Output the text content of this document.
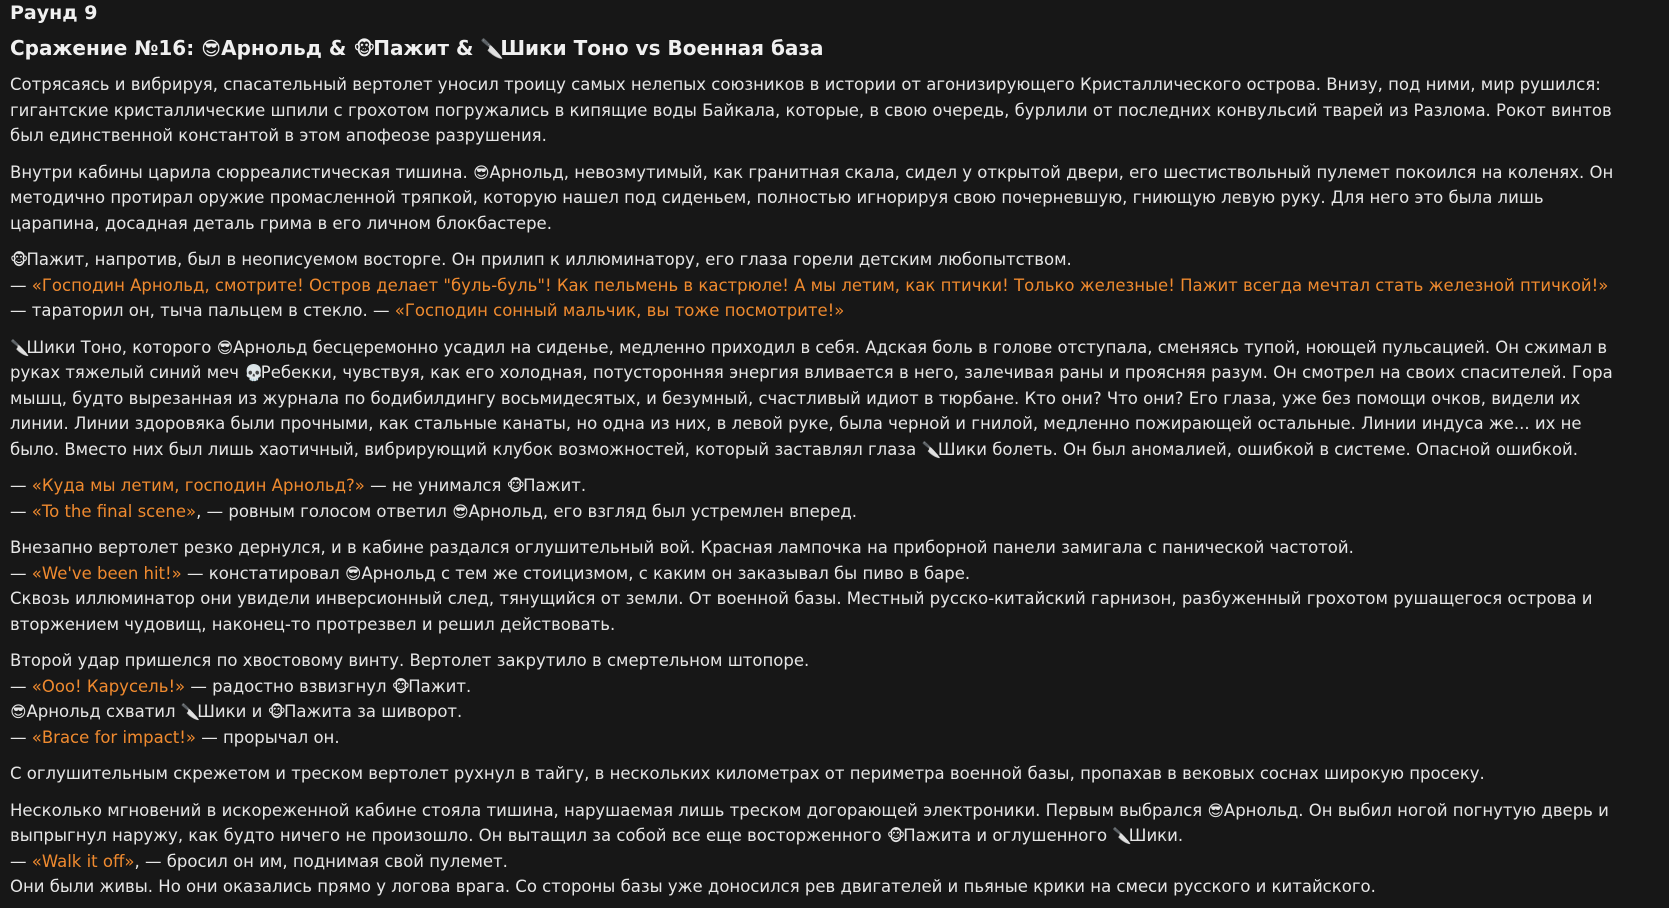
Раунд 9
Сражение №16: 😎Арнольд & 🐵Пажит & 🔪Шики Тоно vs Военная база

Сотрясаясь и вибрируя, спасательный вертолет уносил троицу самых нелепых союзников в истории от агонизирующего Кристаллического острова. Внизу, под ними, мир рушился: гигантские кристаллические шпили с грохотом погружались в кипящие воды Байкала, которые, в свою очередь, бурлили от последних конвульсий тварей из Разлома. Рокот винтов был единственной константой в этом апофеозе разрушения.

Внутри кабины царила сюрреалистическая тишина. 😎Арнольд, невозмутимый, как гранитная скала, сидел у открытой двери, его шестиствольный пулемет покоился на коленях. Он методично протирал оружие промасленной тряпкой, которую нашел под сиденьем, полностью игнорируя свою почерневшую, гниющую левую руку. Для него это была лишь царапина, досадная деталь грима в его личном блокбастере.

🐵Пажит, напротив, был в неописуемом восторге. Он прилип к иллюминатору, его глаза горели детским любопытством.
— «Господин Арнольд, смотрите! Остров делает "буль-буль"! Как пельмень в кастрюле! А мы летим, как птички! Только железные! Пажит всегда мечтал стать железной птичкой!» — тараторил он, тыча пальцем в стекло. — «Господин сонный мальчик, вы тоже посмотрите!»

🔪Шики Тоно, которого 😎Арнольд бесцеремонно усадил на сиденье, медленно приходил в себя. Адская боль в голове отступала, сменяясь тупой, ноющей пульсацией. Он сжимал в руках тяжелый синий меч 💀Ребекки, чувствуя, как его холодная, потусторонняя энергия вливается в него, залечивая раны и проясняя разум. Он смотрел на своих спасителей. Гора мышц, будто вырезанная из журнала по бодибилдингу восьмидесятых, и безумный, счастливый идиот в тюрбане. Кто они? Что они? Его глаза, уже без помощи очков, видели их линии. Линии здоровяка были прочными, как стальные канаты, но одна из них, в левой руке, была черной и гнилой, медленно пожирающей остальные. Линии индуса же... их не было. Вместо них был лишь хаотичный, вибрирующий клубок возможностей, который заставлял глаза 🔪Шики болеть. Он был аномалией, ошибкой в системе. Опасной ошибкой.

— «Куда мы летим, господин Арнольд?» — не унимался 🐵Пажит.
— «To the final scene», — ровным голосом ответил 😎Арнольд, его взгляд был устремлен вперед.

Внезапно вертолет резко дернулся, и в кабине раздался оглушительный вой. Красная лампочка на приборной панели замигала с панической частотой.
— «We've been hit!» — констатировал 😎Арнольд с тем же стоицизмом, с каким он заказывал бы пиво в баре.
Сквозь иллюминатор они увидели инверсионный след, тянущийся от земли. От военной базы. Местный русско-китайский гарнизон, разбуженный грохотом рушащегося острова и вторжением чудовищ, наконец-то протрезвел и решил действовать.

Второй удар пришелся по хвостовому винту. Вертолет закрутило в смертельном штопоре.
— «Ооо! Карусель!» — радостно взвизгнул 🐵Пажит.
😎Арнольд схватил 🔪Шики и 🐵Пажита за шиворот.
— «Brace for impact!» — прорычал он.

С оглушительным скрежетом и треском вертолет рухнул в тайгу, в нескольких километрах от периметра военной базы, пропахав в вековых соснах широкую просеку.

Несколько мгновений в искореженной кабине стояла тишина, нарушаемая лишь треском догорающей электроники. Первым выбрался 😎Арнольд. Он выбил ногой погнутую дверь и выпрыгнул наружу, как будто ничего не произошло. Он вытащил за собой все еще восторженного 🐵Пажита и оглушенного 🔪Шики.
— «Walk it off», — бросил он им, поднимая свой пулемет.
Они были живы. Но они оказались прямо у логова врага. Со стороны базы уже доносился рев двигателей и пьяные крики на смеси русского и китайского.
